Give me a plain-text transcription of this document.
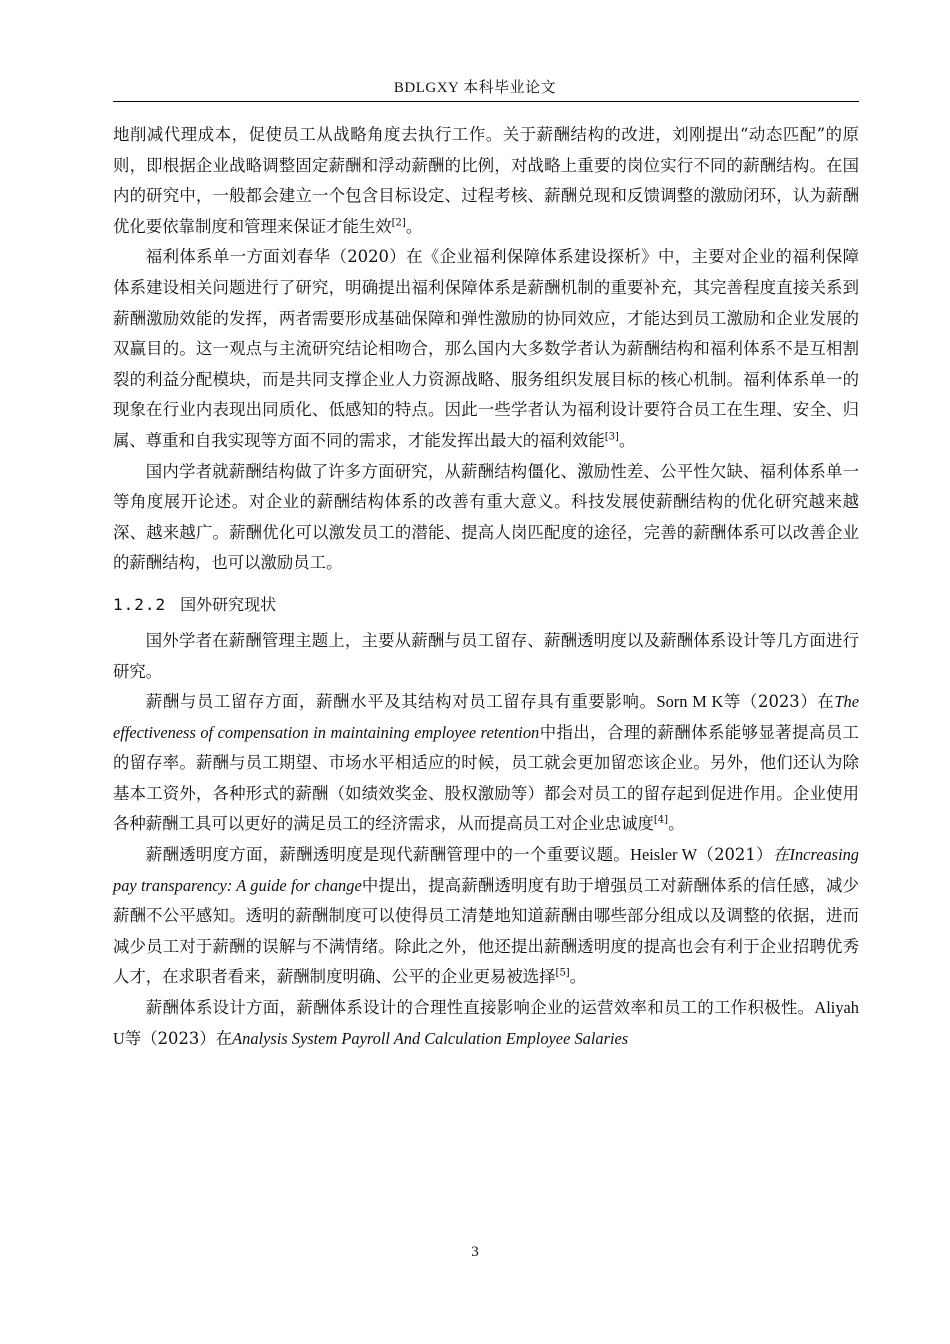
BDLGXY 本科毕业论文

地削减代理成本，促使员工从战略角度去执行工作。关于薪酬结构的改进，刘刚提出“动态匹配”的原则，即根据企业战略调整固定薪酬和浮动薪酬的比例，对战略上重要的岗位实行不同的薪酬结构。在国内的研究中，一般都会建立一个包含目标设定、过程考核、薪酬兑现和反馈调整的激励闭环，认为薪酬优化要依靠制度和管理来保证才能生效[2]。

福利体系单一方面刘春华（2020）在《企业福利保障体系建设探析》中，主要对企业的福利保障体系建设相关问题进行了研究，明确提出福利保障体系是薪酬机制的重要补充，其完善程度直接关系到薪酬激励效能的发挥，两者需要形成基础保障和弹性激励的协同效应，才能达到员工激励和企业发展的双赢目的。这一观点与主流研究结论相吻合，那么国内大多数学者认为薪酬结构和福利体系不是互相割裂的利益分配模块，而是共同支撑企业人力资源战略、服务组织发展目标的核心机制。福利体系单一的现象在行业内表现出同质化、低感知的特点。因此一些学者认为福利设计要符合员工在生理、安全、归属、尊重和自我实现等方面不同的需求，才能发挥出最大的福利效能[3]。

国内学者就薪酬结构做了许多方面研究，从薪酬结构僵化、激励性差、公平性欠缺、福利体系单一等角度展开论述。对企业的薪酬结构体系的改善有重大意义。科技发展使薪酬结构的优化研究越来越深、越来越广。薪酬优化可以激发员工的潜能、提高人岗匹配度的途径，完善的薪酬体系可以改善企业的薪酬结构，也可以激励员工。

1.2.2 国外研究现状

国外学者在薪酬管理主题上，主要从薪酬与员工留存、薪酬透明度以及薪酬体系设计等几方面进行研究。

薪酬与员工留存方面，薪酬水平及其结构对员工留存具有重要影响。Sorn M K等（2023）在The effectiveness of compensation in maintaining employee retention中指出，合理的薪酬体系能够显著提高员工的留存率。薪酬与员工期望、市场水平相适应的时候，员工就会更加留恋该企业。另外，他们还认为除基本工资外，各种形式的薪酬（如绩效奖金、股权激励等）都会对员工的留存起到促进作用。企业使用各种薪酬工具可以更好的满足员工的经济需求，从而提高员工对企业忠诚度[4]。

薪酬透明度方面，薪酬透明度是现代薪酬管理中的一个重要议题。Heisler W（2021）在Increasing pay transparency: A guide for change中提出，提高薪酬透明度有助于增强员工对薪酬体系的信任感，减少薪酬不公平感知。透明的薪酬制度可以使得员工清楚地知道薪酬由哪些部分组成以及调整的依据，进而减少员工对于薪酬的误解与不满情绪。除此之外，他还提出薪酬透明度的提高也会有利于企业招聘优秀人才，在求职者看来，薪酬制度明确、公平的企业更易被选择[5]。

薪酬体系设计方面，薪酬体系设计的合理性直接影响企业的运营效率和员工的工作积极性。Aliyah U等（2023）在Analysis System Payroll And Calculation Employee Salaries

3
